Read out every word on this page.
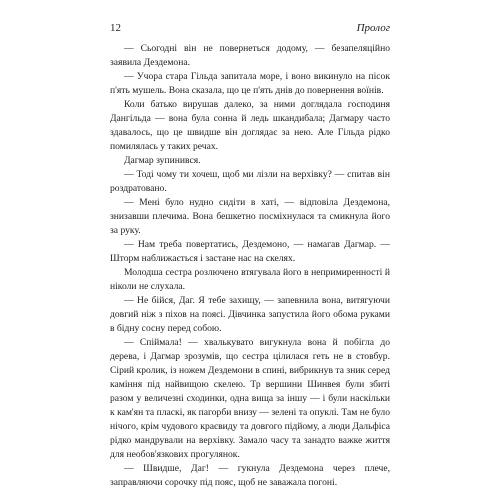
12	Пролог

— Сьогодні він не повернеться додому, — безапеляційно заявила Дездемона.

— Учора стара Гільда запитала море, і воно викинуло на пісок п'ять мушель. Вона сказала, що це п'ять днів до повернення воїнів.

Коли батько вирушав далеко, за ними доглядала господиня Дангільда — вона була сонна й ледь шкандибала; Дагмару часто здавалось, що це швидше він доглядає за нею. Але Гільда рідко помилялась у таких речах.

Дагмар зупинився.

— Тоді чому ти хочеш, щоб ми лізли на верхівку? — спитав він роздратовано.

— Мені було нудно сидіти в хаті, — відповіла Дездемона, знизавши плечима. Вона бешкетно посміхнулася та смикнула його за руку.

— Нам треба повертатись, Дездемоно, — намагав Дагмар. — Шторм наближається і застане нас на скелях.

Молодша сестра розлючено втягувала його в непримиренності й ніколи не слухала.

— Не бійся, Даг. Я тебе захищу, — запевнила вона, витягуючи довгий ніж з піхов на поясі. Дівчинка запустила його обома руками в бідну сосну перед собою.

— Спіймала! — хвалькувато вигукнула вона й побігла до дерева, і Дагмар зрозумів, що сестра цілилася геть не в стовбур. Сірий кролик, із ножем Дездемони в спині, вибрикнув та зник серед каміння під найвищою скелею. Тр вершини Шинвея були збиті разом у величезні сходинки, одна вища за іншу — і були наскільки к кам'ян та пласкі, як пагорби внизу — зелені та опуклі. Там не було нічого, крім чудового краєвиду та довгого підйому, а люди Дальфіса рідко мандрували на верхівку. Замало часу та занадто важке життя для необов'язкових прогулянок.

— Швидше, Даг! — гукнула Дездемона через плече, заправляючи сорочку під пояс, щоб не заважала погоні.
